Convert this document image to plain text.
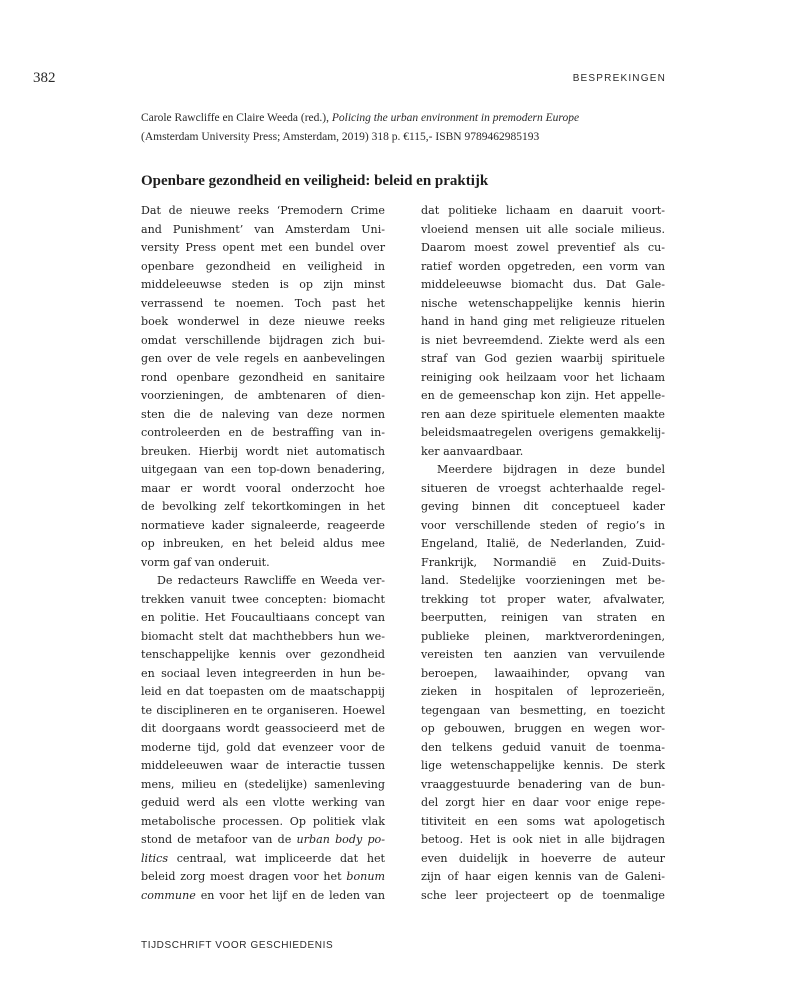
382	BESPREKINGEN
Carole Rawcliffe en Claire Weeda (red.), Policing the urban environment in premodern Europe
(Amsterdam University Press; Amsterdam, 2019) 318 p. €115,- ISBN 9789462985193
Openbare gezondheid en veiligheid: beleid en praktijk
Dat de nieuwe reeks ‘Premodern Crime
and Punishment’ van Amsterdam Uni-
versity Press opent met een bundel over
openbare gezondheid en veiligheid in
middeleeuwse steden is op zijn minst
verrassend te noemen. Toch past het
boek wonderwel in deze nieuwe reeks
omdat verschillende bijdragen zich bui-
gen over de vele regels en aanbevelingen
rond openbare gezondheid en sanitaire
voorzieningen, de ambtenaren of dien-
sten die de naleving van deze normen
controleerden en de bestraffing van in-
breuken. Hierbij wordt niet automatisch
uitgegaan van een top-down benadering,
maar er wordt vooral onderzocht hoe
de bevolking zelf tekortkomingen in het
normatieve kader signaleerde, reageerde
op inbreuken, en het beleid aldus mee
vorm gaf van onderuit.
De redacteurs Rawcliffe en Weeda ver-
trekken vanuit twee concepten: biomacht
en politie. Het Foucaultiaans concept van
biomacht stelt dat machthebbers hun we-
tenschappelijke kennis over gezondheid
en sociaal leven integreerden in hun be-
leid en dat toepasten om de maatschappij
te disciplineren en te organiseren. Hoewel
dit doorgaans wordt geassocieerd met de
moderne tijd, gold dat evenzeer voor de
middeleeuwen waar de interactie tussen
mens, milieu en (stedelijke) samenleving
geduid werd als een vlotte werking van
metabolische processen. Op politiek vlak
stond de metafoor van de urban body po-
litics centraal, wat impliceerde dat het
beleid zorg moest dragen voor het bonum
commune en voor het lijf en de leden van
dat politieke lichaam en daaruit voort-
vloeiend mensen uit alle sociale milieus.
Daarom moest zowel preventief als cu-
ratief worden opgetreden, een vorm van
middeleeuwse biomacht dus. Dat Gale-
nische wetenschappelijke kennis hierin
hand in hand ging met religieuze rituelen
is niet bevreemdend. Ziekte werd als een
straf van God gezien waarbij spirituele
reiniging ook heilzaam voor het lichaam
en de gemeenschap kon zijn. Het appelle-
ren aan deze spirituele elementen maakte
beleidsmaatregelen overigens gemakkelij-
ker aanvaardbaar.
Meerdere bijdragen in deze bundel
situeren de vroegst achterhaalde regel-
geving binnen dit conceptueel kader
voor verschillende steden of regio’s in
Engeland, Italië, de Nederlanden, Zuid-
Frankrijk, Normandië en Zuid-Duits-
land. Stedelijke voorzieningen met be-
trekking tot proper water, afvalwater,
beerputten, reinigen van straten en
publieke pleinen, marktverordeningen,
vereisten ten aanzien van vervuilende
beroepen, lawaaihinder, opvang van
zieken in hospitalen of leprozerieën,
tegengaan van besmetting, en toezicht
op gebouwen, bruggen en wegen wor-
den telkens geduid vanuit de toenma-
lige wetenschappelijke kennis. De sterk
vraaggestuurde benadering van de bun-
del zorgt hier en daar voor enige repe-
titiviteit en een soms wat apologetisch
betoog. Het is ook niet in alle bijdragen
even duidelijk in hoeverre de auteur
zijn of haar eigen kennis van de Galeni-
sche leer projecteert op de toenmalige
TIJDSCHRIFT VOOR GESCHIEDENIS
